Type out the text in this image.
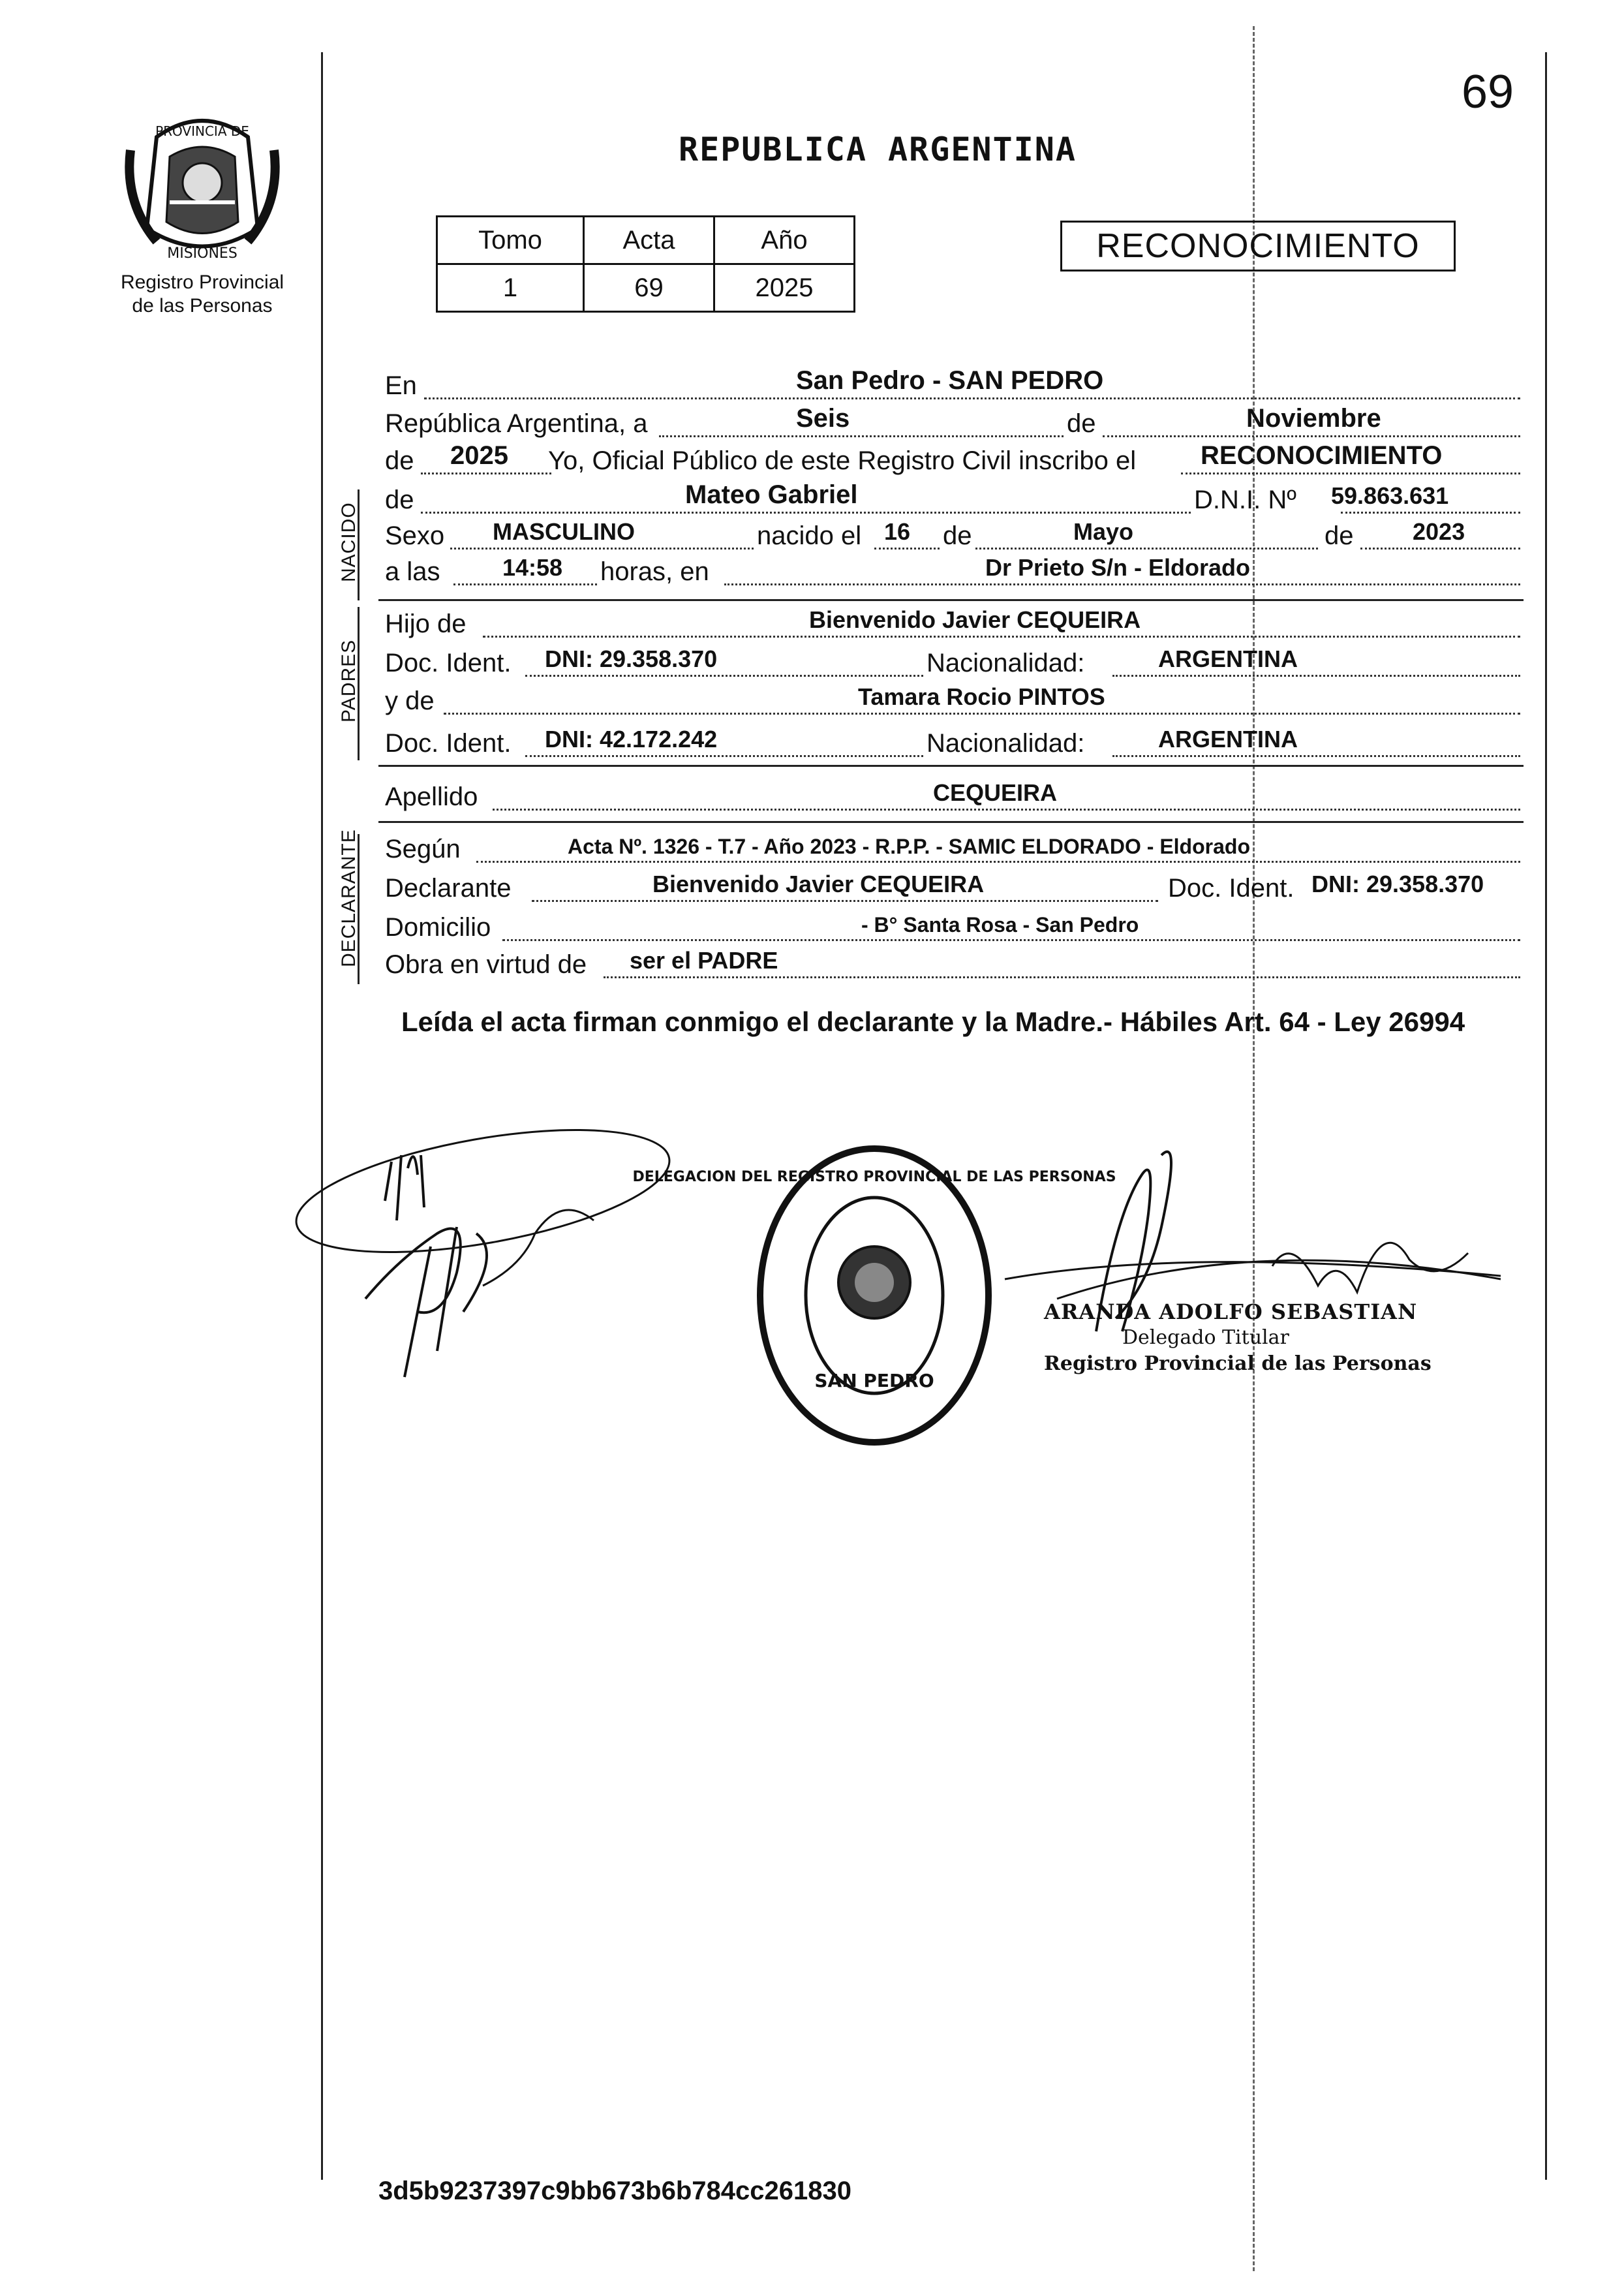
69
PROVINCIA DE
MISIONES
Registro Provincial
de las Personas
REPUBLICA ARGENTINA
Tomo	Acta	Año
1	69	2025
RECONOCIMIENTO
En	San Pedro - SAN PEDRO
República Argentina, a	Seis	de	Noviembre
de 2025 Yo, Oficial Público de este Registro Civil inscribo el RECONOCIMIENTO
NACIDO
de	Mateo Gabriel	D.N.I. Nº 59.863.631
Sexo MASCULINO	nacido el 16 de	Mayo	de	2023
a las	14:58 horas, en	Dr Prieto S/n - Eldorado
PADRES
Hijo de	Bienvenido Javier CEQUEIRA
Doc. Ident. DNI: 29.358.370	Nacionalidad:	ARGENTINA
y de	Tamara Rocio PINTOS
Doc. Ident. DNI: 42.172.242	Nacionalidad:	ARGENTINA
Apellido	CEQUEIRA
DECLARANTE Según	Acta Nº. 1326 - T.7 - Año 2023 - R.P.P. - SAMIC ELDORADO - Eldorado
Declarante	Bienvenido Javier CEQUEIRA	Doc. Ident. DNI: 29.358.370
Domicilio	- B° Santa Rosa - San Pedro
Obra en virtud de ser el PADRE
Leída el acta firman conmigo el declarante y la Madre.- Hábiles Art. 64 - Ley 26994
DELEGACION DEL REGISTRO PROVINCIAL DE LAS PERSONAS
SAN PEDRO
ARANDA ADOLFO SEBASTIAN
Delegado Titular
Registro Provincial de las Personas
3d5b9237397c9bb673b6b784cc261830
